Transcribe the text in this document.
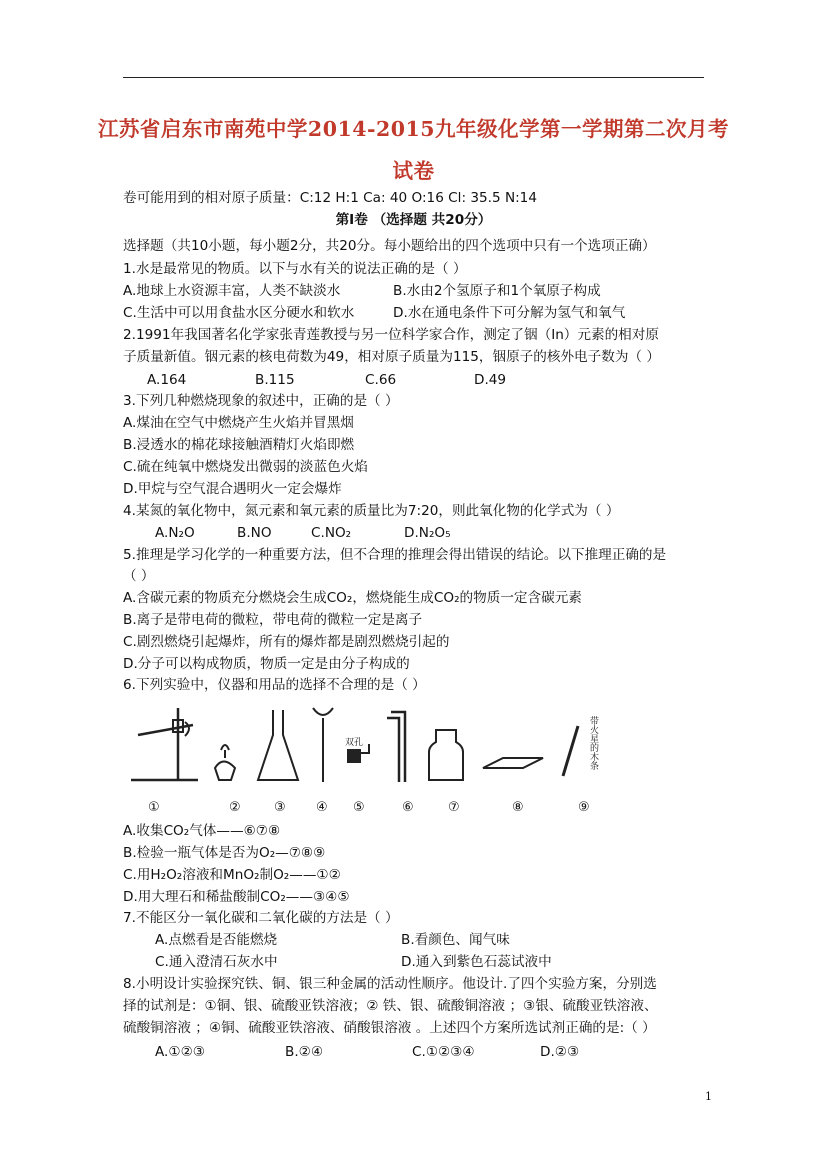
江苏省启东市南苑中学2014-2015九年级化学第一学期第二次月考
试卷
卷可能用到的相对原子质量：C:12 H:1 Ca: 40 O:16 Cl: 35.5 N:14
第Ⅰ卷 （选择题 共20分）
选择题（共10小题，每小题2分，共20分。每小题给出的四个选项中只有一个选项正确）
1.水是最常见的物质。以下与水有关的说法正确的是（ ）
A.地球上水资源丰富，人类不缺淡水	B.水由2个氢原子和1个氧原子构成
C.生活中可以用食盐水区分硬水和软水	D.水在通电条件下可分解为氢气和氧气
2.1991年我国著名化学家张青莲教授与另一位科学家合作，测定了铟（In）元素的相对原
子质量新值。铟元素的核电荷数为49，相对原子质量为115，铟原子的核外电子数为（ ）
A.164	B.115	C.66	D.49
3.下列几种燃烧现象的叙述中，正确的是（ ）
A.煤油在空气中燃烧产生火焰并冒黑烟
B.浸透水的棉花球接触酒精灯火焰即燃
C.硫在纯氧中燃烧发出微弱的淡蓝色火焰
D.甲烷与空气混合遇明火一定会爆炸
4.某氮的氧化物中，氮元素和氧元素的质量比为7:20，则此氧化物的化学式为（ ）
A.N₂O	B.NO	C.NO₂	D.N₂O₅
5.推理是学习化学的一种重要方法，但不合理的推理会得出错误的结论。以下推理正确的是
（ ）
A.含碳元素的物质充分燃烧会生成CO₂，燃烧能生成CO₂的物质一定含碳元素
B.离子是带电荷的微粒，带电荷的微粒一定是离子
C.剧烈燃烧引起爆炸，所有的爆炸都是剧烈燃烧引起的
D.分子可以构成物质，物质一定是由分子构成的
6.下列实验中，仪器和用品的选择不合理的是（ ）
双孔	带火星的木条
①	②	③ ④ ⑤	⑥	⑦	⑧	⑨
A.收集CO₂气体——⑥⑦⑧
B.检验一瓶气体是否为O₂—⑦⑧⑨
C.用H₂O₂溶液和MnO₂制O₂——①②
D.用大理石和稀盐酸制CO₂——③④⑤
7.不能区分一氧化碳和二氧化碳的方法是（ ）
A.点燃看是否能燃烧	B.看颜色、闻气味
C.通入澄清石灰水中	D.通入到紫色石蕊试液中
8.小明设计实验探究铁、铜、银三种金属的活动性顺序。他设计.了四个实验方案，分别选
择的试剂是：①铜、银、硫酸亚铁溶液；② 铁、银、硫酸铜溶液 ；③银、硫酸亚铁溶液、
硫酸铜溶液 ；④铜、硫酸亚铁溶液、硝酸银溶液 。上述四个方案所选试剂正确的是:（ ）
A.①②③	B.②④	C.①②③④	D.②③
1
